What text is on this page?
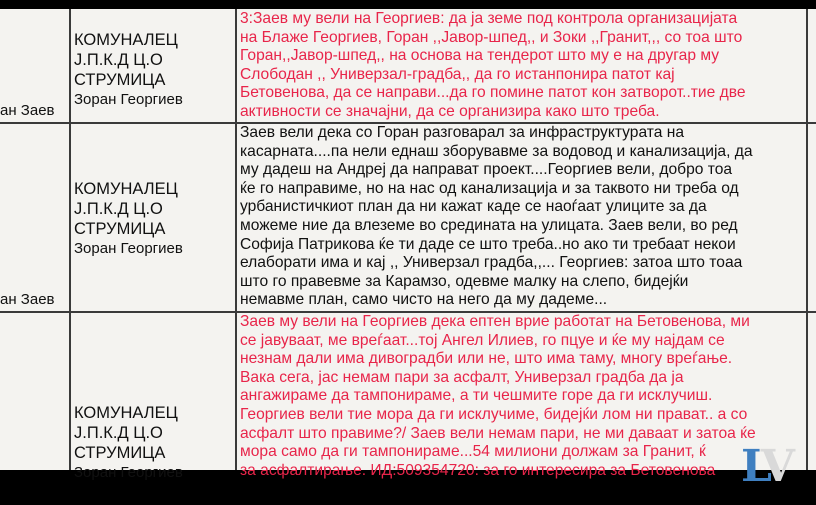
ан Заев
КОМУНАЛЕЦ
Ј.П.К.Д Ц.О
СТРУМИЦА
Зоран Георгиев
3:Заев му вели на Георгиев: да ја земе под контрола организацијата
на Блаже Георгиев, Горан ,,Јавор-шпед,, и Зоки ,,Гранит,,, со тоа што
Горан,,Јавор-шпед,, на основа на тендерот што му е на другар му
Слободан ,, Универзал-градба,, да го истанпонира патот кај
Бетовенова, да се направи...да го помине патот кон затворот..тие две
активности се значајни, да се организира како што треба.
ан Заев
КОМУНАЛЕЦ
Ј.П.К.Д Ц.О
СТРУМИЦА
Зоран Георгиев
Заев вели дека со Горан разговарал за инфраструктурата на
касарната....па нели еднаш зборувавме за водовод и канализација, да
му дадеш на Андреј да направат проект....Георгиев вели, добро тоа
ќе го направиме, но на нас од канализација и за таквото ни треба од
урбанистичкиот план да ни кажат каде се наоѓаат улиците за да
можеме ние да влеземе во средината на улицата. Заев вели, во ред
Софија Патрикова ќе ти даде се што треба..но ако ти требаат некои
елаборати има и кај ,, Универзал градба,,... Георгиев: затоа што тоаа
што го правевме за Карамзо, одевме малку на слепо, бидејќи
немавме план, само чисто на него да му дадеме...
КОМУНАЛЕЦ
Ј.П.К.Д Ц.О
СТРУМИЦА
Зоран Георгиев
Заев му вели на Георгиев дека ептен врие работат на Бетовенова, ми
се јавуваат, ме вреѓаат...тој Ангел Илиев, го пцуе и ќе му најдам се
незнам дали има дивоградби или не, што има таму, многу вреѓање.
Вака сега, јас немам пари за асфалт, Универзал градба да ја
ангажираме да тампонираме, а ти чешмите горе да ги исклучиш.
Георгиев вели тие мора да ги исклучиме, бидејќи лом ни прават.. а со
асфалт што правиме?/ Заев вели немам пари, не ми даваат и затоа ќе
мора само да ги тампонираме...54 милиони должам за Гранит, ќ
за асфалтирање. ИД:509354720: за го интересира за Бетовенова LV
